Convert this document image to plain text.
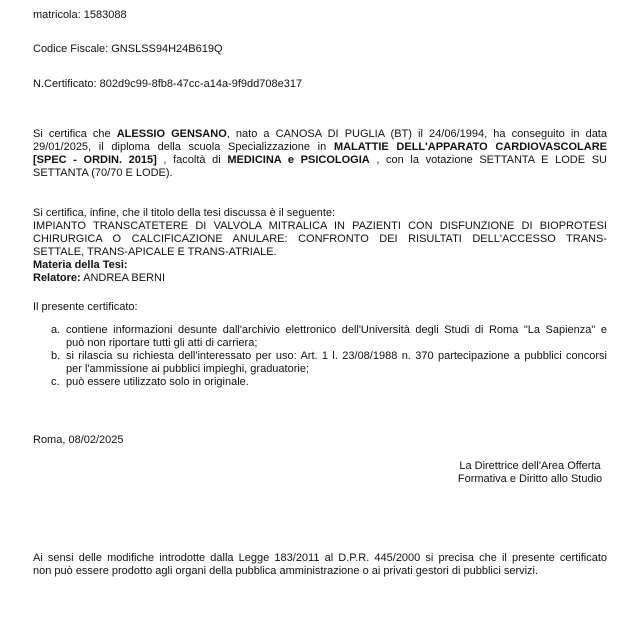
matricola: 1583088
Codice Fiscale: GNSLSS94H24B619Q
N.Certificato: 802d9c99-8fb8-47cc-a14a-9f9dd708e317
Si certifica che ALESSIO GENSANO, nato a CANOSA DI PUGLIA (BT) il 24/06/1994, ha conseguito in data
29/01/2025, il diploma della scuola Specializzazione in MALATTIE DELL'APPARATO CARDIOVASCOLARE
[SPEC - ORDIN. 2015] , facoltà di MEDICINA e PSICOLOGIA , con la votazione SETTANTA E LODE SU
SETTANTA (70/70 E LODE).
Si certifica, infine, che il titolo della tesi discussa è il seguente:
IMPIANTO TRANSCATETERE DI VALVOLA MITRALICA IN PAZIENTI CON DISFUNZIONE DI BIOPROTESI
CHIRURGICA O CALCIFICAZIONE ANULARE: CONFRONTO DEI RISULTATI DELL'ACCESSO TRANS-
SETTALE, TRANS-APICALE E TRANS-ATRIALE.
Materia della Tesi:
Relatore: ANDREA BERNI
Il presente certificato:
a. contiene informazioni desunte dall'archivio elettronico dell'Università degli Studi di Roma "La Sapienza" e
può non riportare tutti gli atti di carriera;
b. si rilascia su richiesta dell'interessato per uso: Art. 1 l. 23/08/1988 n. 370 partecipazione a pubblici concorsi
per l'ammissione ai pubblici impieghi, graduatorie;
c. può essere utilizzato solo in originale.
Roma, 08/02/2025
La Direttrice dell'Area Offerta
Formativa e Diritto allo Studio
Ai sensi delle modifiche introdotte dalla Legge 183/2011 al D.P.R. 445/2000 si precisa che il presente certificato
non può essere prodotto agli organi della pubblica amministrazione o ai privati gestori di pubblici servizi.
